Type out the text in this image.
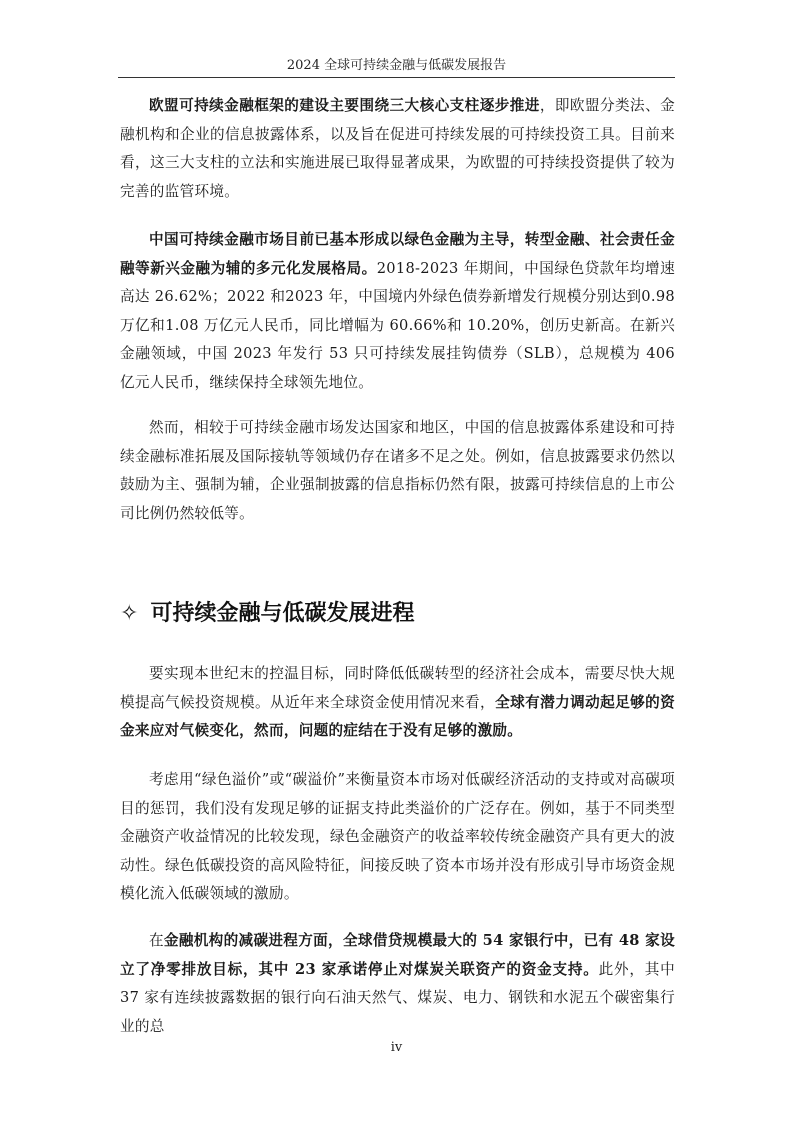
2024 全球可持续金融与低碳发展报告

欧盟可持续金融框架的建设主要围绕三大核心支柱逐步推进，即欧盟分类法、金融机构和企业的信息披露体系，以及旨在促进可持续发展的可持续投资工具。目前来看，这三大支柱的立法和实施进展已取得显著成果，为欧盟的可持续投资提供了较为完善的监管环境。

中国可持续金融市场目前已基本形成以绿色金融为主导，转型金融、社会责任金融等新兴金融为辅的多元化发展格局。2018-2023 年期间，中国绿色贷款年均增速高达 26.62%；2022 和2023 年，中国境内外绿色债券新增发行规模分别达到0.98 万亿和1.08 万亿元人民币，同比增幅为 60.66%和 10.20%，创历史新高。在新兴金融领域，中国 2023 年发行 53 只可持续发展挂钩债券（SLB），总规模为 406 亿元人民币，继续保持全球领先地位。

然而，相较于可持续金融市场发达国家和地区，中国的信息披露体系建设和可持续金融标准拓展及国际接轨等领域仍存在诸多不足之处。例如，信息披露要求仍然以鼓励为主、强制为辅，企业强制披露的信息指标仍然有限，披露可持续信息的上市公司比例仍然较低等。

✧ 可持续金融与低碳发展进程

要实现本世纪末的控温目标，同时降低低碳转型的经济社会成本，需要尽快大规模提高气候投资规模。从近年来全球资金使用情况来看，全球有潜力调动起足够的资金来应对气候变化，然而，问题的症结在于没有足够的激励。

考虑用“绿色溢价”或“碳溢价”来衡量资本市场对低碳经济活动的支持或对高碳项目的惩罚，我们没有发现足够的证据支持此类溢价的广泛存在。例如，基于不同类型金融资产收益情况的比较发现，绿色金融资产的收益率较传统金融资产具有更大的波动性。绿色低碳投资的高风险特征，间接反映了资本市场并没有形成引导市场资金规模化流入低碳领域的激励。

在金融机构的减碳进程方面，全球借贷规模最大的 54 家银行中，已有 48 家设立了净零排放目标，其中 23 家承诺停止对煤炭关联资产的资金支持。此外，其中 37 家有连续披露数据的银行向石油天然气、煤炭、电力、钢铁和水泥五个碳密集行业的总

iv
